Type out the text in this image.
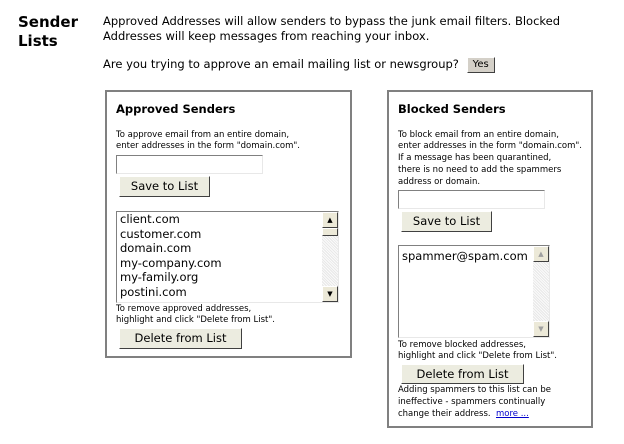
Sender Lists
Approved Addresses will allow senders to bypass the junk email filters. Blocked Addresses will keep messages from reaching your inbox.
Are you trying to approve an email mailing list or newsgroup? Yes
Approved Senders
To approve email from an entire domain,
enter addresses in the form "domain.com".
Save to List
client.com
customer.com
domain.com
my-company.com
my-family.org
postini.com
▲
▼
To remove approved addresses,
highlight and click "Delete from List".
Delete from List
Blocked Senders
To block email from an entire domain,
enter addresses in the form "domain.com".
If a message has been quarantined,
there is no need to add the spammers
address or domain.
Save to List
spammer@spam.com	▲
▼
To remove blocked addresses,
highlight and click "Delete from List".
Delete from List
Adding spammers to this list can be
ineffective - spammers continually
change their address. more ...
